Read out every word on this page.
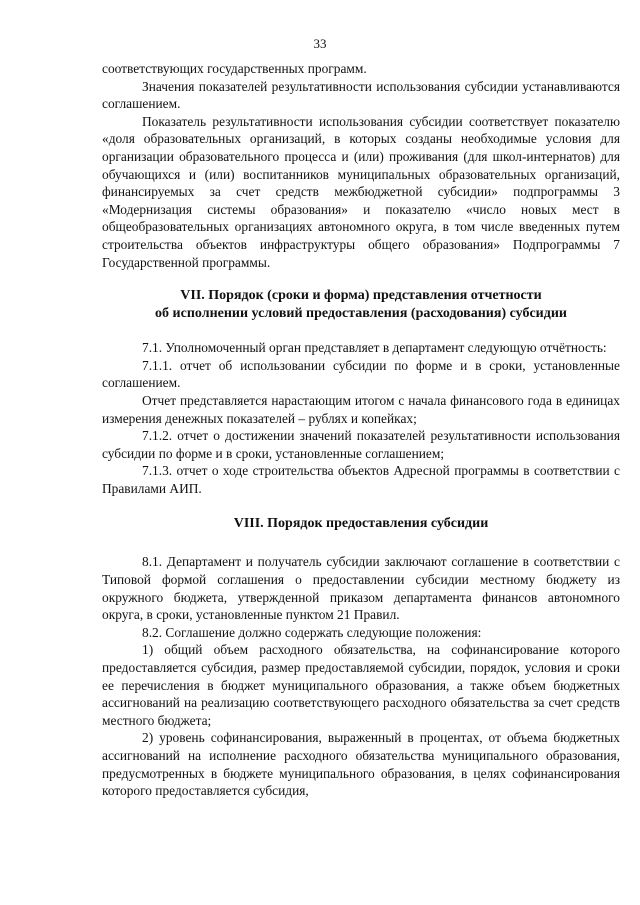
33

соответствующих государственных программ.

Значения показателей результативности использования субсидии устанавливаются соглашением.

Показатель результативности использования субсидии соответствует показателю «доля образовательных организаций, в которых созданы необходимые условия для организации образовательного процесса и (или) проживания (для школ-интернатов) для обучающихся и (или) воспитанников муниципальных образовательных организаций, финансируемых за счет средств межбюджетной субсидии» подпрограммы 3 «Модернизация системы образования» и показателю «число новых мест в общеобразовательных организациях автономного округа, в том числе введенных путем строительства объектов инфраструктуры общего образования» Подпрограммы 7 Государственной программы.

VII. Порядок (сроки и форма) представления отчетности

об исполнении условий предоставления (расходования) субсидии

7.1. Уполномоченный орган представляет в департамент следующую отчётность:

7.1.1. отчет об использовании субсидии по форме и в сроки, установленные соглашением.

Отчет представляется нарастающим итогом с начала финансового года в единицах измерения денежных показателей – рублях и копейках;

7.1.2. отчет о достижении значений показателей результативности использования субсидии по форме и в сроки, установленные соглашением;

7.1.3. отчет о ходе строительства объектов Адресной программы в соответствии с Правилами АИП.

VIII. Порядок предоставления субсидии

8.1. Департамент и получатель субсидии заключают соглашение в соответствии с Типовой формой соглашения о предоставлении субсидии местному бюджету из окружного бюджета, утвержденной приказом департамента финансов автономного округа, в сроки, установленные пунктом 21 Правил.

8.2. Соглашение должно содержать следующие положения:

1) общий объем расходного обязательства, на софинансирование которого предоставляется субсидия, размер предоставляемой субсидии, порядок, условия и сроки ее перечисления в бюджет муниципального образования, а также объем бюджетных ассигнований на реализацию соответствующего расходного обязательства за счет средств местного бюджета;

2) уровень софинансирования, выраженный в процентах, от объема бюджетных ассигнований на исполнение расходного обязательства муниципального образования, предусмотренных в бюджете муниципального образования, в целях софинансирования которого предоставляется субсидия,
